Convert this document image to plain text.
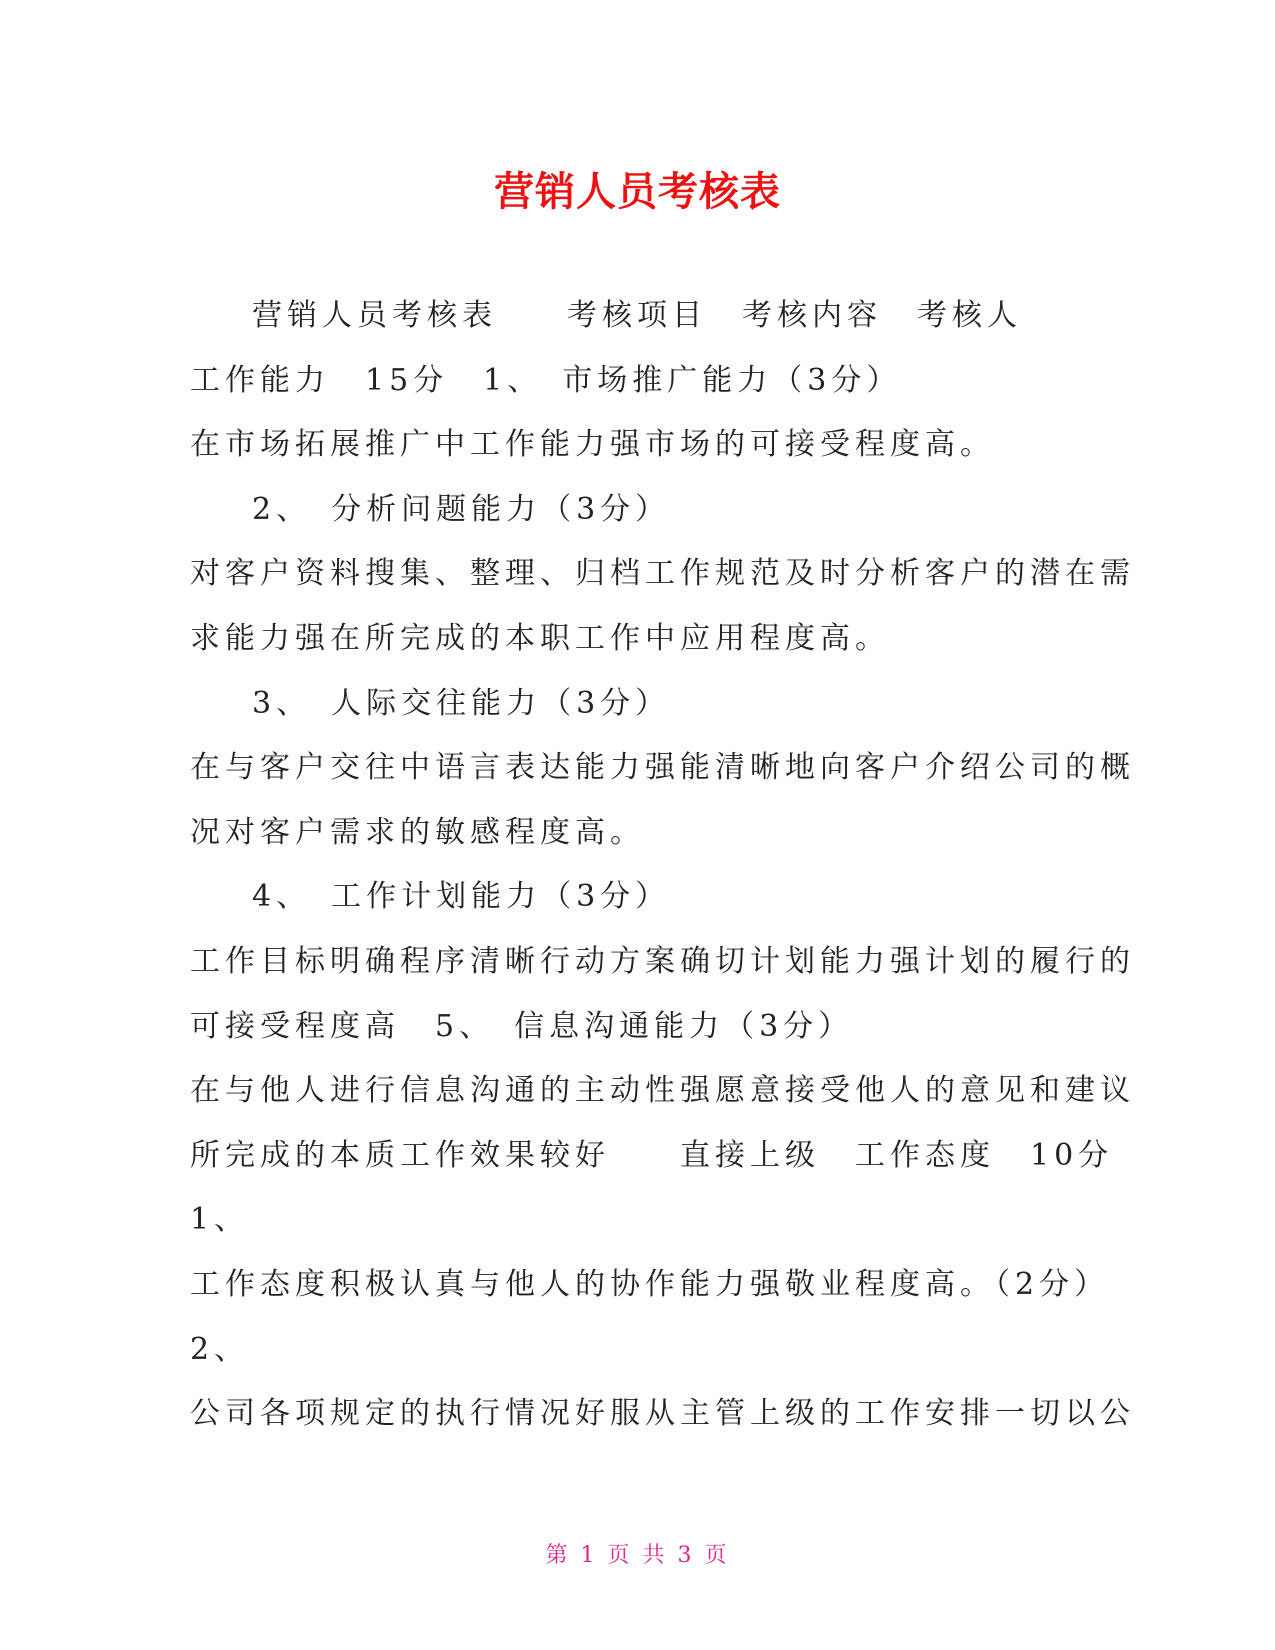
营销人员考核表
营销人员考核表　　考核项目　考核内容　考核人
工作能力　15分　1、　市场推广能力（3分）
在市场拓展推广中工作能力强市场的可接受程度高。
2、　分析问题能力（3分）
对客户资料搜集、整理、归档工作规范及时分析客户的潜在需
求能力强在所完成的本职工作中应用程度高。
3、　人际交往能力（3分）
在与客户交往中语言表达能力强能清晰地向客户介绍公司的概
况对客户需求的敏感程度高。
4、　工作计划能力（3分）
工作目标明确程序清晰行动方案确切计划能力强计划的履行的
可接受程度高　5、　信息沟通能力（3分）
在与他人进行信息沟通的主动性强愿意接受他人的意见和建议
所完成的本质工作效果较好　　直接上级　工作态度　10分
1、
工作态度积极认真与他人的协作能力强敬业程度高。（2分）
2、
公司各项规定的执行情况好服从主管上级的工作安排一切以公
第 1 页 共 3 页
